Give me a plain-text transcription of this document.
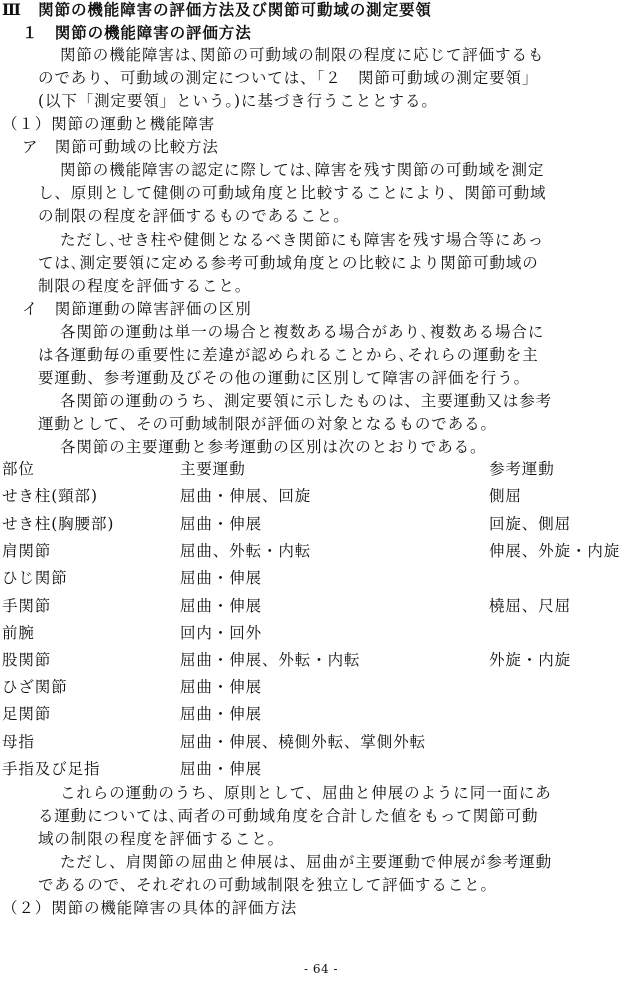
Ⅲ　関節の機能障害の評価方法及び関節可動域の測定要領
１　関節の機能障害の評価方法
関節の機能障害は､関節の可動域の制限の程度に応じて評価するも
のであり、可動域の測定については、「２　関節可動域の測定要領」
(以下「測定要領」という。)に基づき行うこととする。
（１）関節の運動と機能障害
ア　関節可動域の比較方法
関節の機能障害の認定に際しては､障害を残す関節の可動域を測定
し、原則として健側の可動域角度と比較することにより、関節可動域
の制限の程度を評価するものであること。
ただし､せき柱や健側となるべき関節にも障害を残す場合等にあっ
ては､測定要領に定める参考可動域角度との比較により関節可動域の
制限の程度を評価すること。
イ　関節運動の障害評価の区別
各関節の運動は単一の場合と複数ある場合があり､複数ある場合に
は各運動毎の重要性に差違が認められることから､それらの運動を主
要運動、参考運動及びその他の運動に区別して障害の評価を行う。
各関節の運動のうち、測定要領に示したものは、主要運動又は参考
運動として、その可動域制限が評価の対象となるものである。
各関節の主要運動と参考運動の区別は次のとおりである。
部位	主要運動	参考運動
せき柱(頸部)	屈曲・伸展、回旋	側屈
せき柱(胸腰部)	屈曲・伸展	回旋、側屈
肩関節	屈曲、外転・内転	伸展、外旋・内旋
ひじ関節	屈曲・伸展
手関節	屈曲・伸展	橈屈、尺屈
前腕	回内・回外
股関節	屈曲・伸展、外転・内転	外旋・内旋
ひざ関節	屈曲・伸展
足関節	屈曲・伸展
母指	屈曲・伸展、橈側外転、掌側外転
手指及び足指	屈曲・伸展
これらの運動のうち、原則として、屈曲と伸展のように同一面にあ
る運動については､両者の可動域角度を合計した値をもって関節可動
域の制限の程度を評価すること。
ただし、肩関節の屈曲と伸展は、屈曲が主要運動で伸展が参考運動
であるので、それぞれの可動域制限を独立して評価すること。
（２）関節の機能障害の具体的評価方法
- 64 -
